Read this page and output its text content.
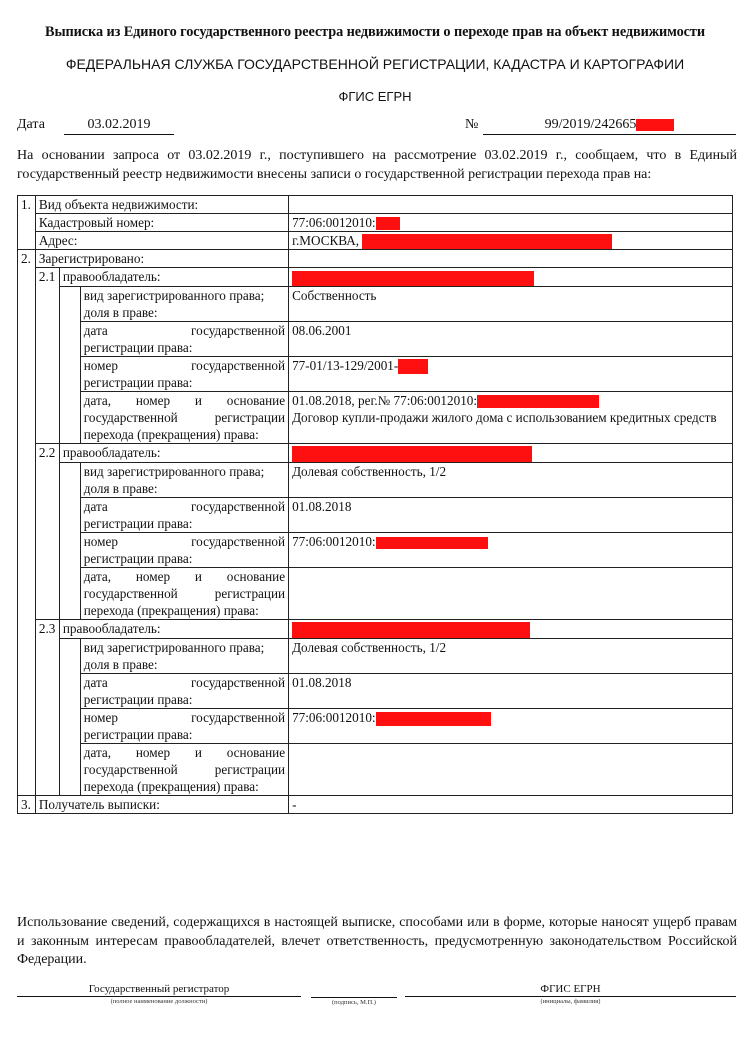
Выписка из Единого государственного реестра недвижимости о переходе прав на объект недвижимости
ФЕДЕРАЛЬНАЯ СЛУЖБА ГОСУДАРСТВЕННОЙ РЕГИСТРАЦИИ, КАДАСТРА И КАРТОГРАФИИ
ФГИС ЕГРН
Дата	03.02.2019	№	99/2019/242665
На основании запроса от 03.02.2019 г., поступившего на рассмотрение 03.02.2019 г., сообщаем, что в Единый государственный реестр недвижимости внесены записи о государственной регистрации перехода прав на:
1.	Вид объекта недвижимости:			
	Кадастровый номер:			77:06:0012010:
	Адрес:			г.МОСКВА,
2.	Зарегистрировано:			
	2.1	правообладатель:		

			вид зарегистрированного права;
доля в праве:	Собственность

			дата государственной
регистрации права:	08.06.2001

			номер государственной
регистрации права:	77-01/13-129/2001-

			дата, номер и основание
государственной регистрации
перехода (прекращения) права:	01.08.2018, рег.№ 77:06:0012010:
Договор купли-продажи жилого дома с использованием кредитных средств

	2.2	правообладатель:		

			вид зарегистрированного права;
доля в праве:	Долевая собственность, 1/2

			дата государственной
регистрации права:	01.08.2018

			номер государственной
регистрации права:	77:06:0012010:

			дата, номер и основание
государственной регистрации
перехода (прекращения) права:	

	2.3	правообладатель:		

			вид зарегистрированного права;
доля в праве:	Долевая собственность, 1/2

			дата государственной
регистрации права:	01.08.2018

			номер государственной
регистрации права:	77:06:0012010:

			дата, номер и основание
государственной регистрации
перехода (прекращения) права:	

3.	Получатель выписки:			-
Использование сведений, содержащихся в настоящей выписке, способами или в форме, которые наносят ущерб правам и законным интересам правообладателей, влечет ответственность, предусмотренную законодательством Российской Федерации.
Государственный регистратор
(полное наименование должности)	(подпись, М.П.)
ФГИС ЕГРН
(инициалы, фамилия)
